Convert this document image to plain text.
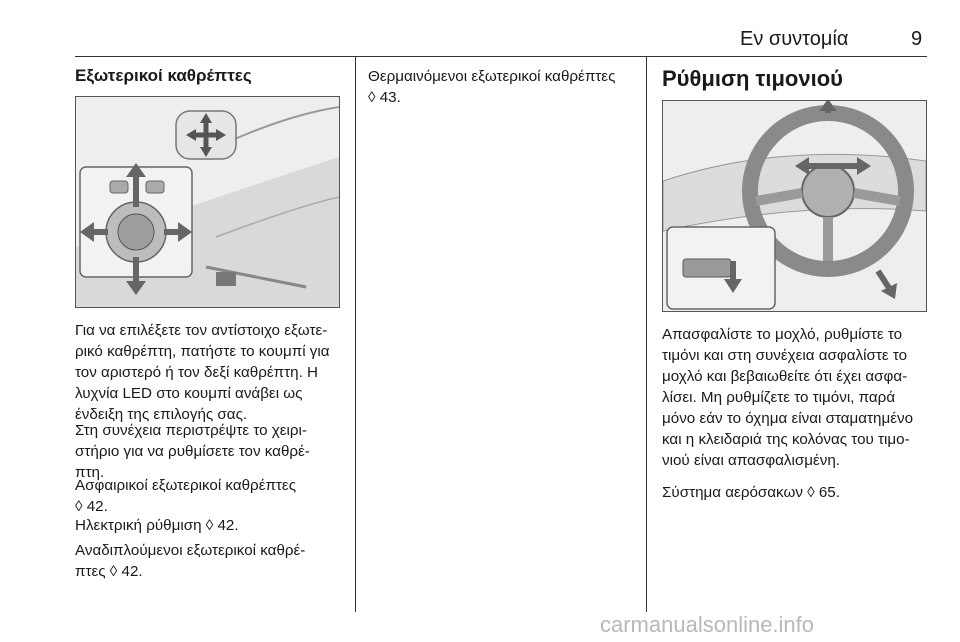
Εν συντομία	9
Εξωτερικοί καθρέπτες

Για να επιλέξετε τον αντίστοιχο εξωτε-
ρικό καθρέπτη, πατήστε το κουμπί για
τον αριστερό ή τον δεξί καθρέπτη. Η
λυχνία LED στο κουμπί ανάβει ως
ένδειξη της επιλογής σας.

Στη συνέχεια περιστρέψτε το χειρι-
στήριο για να ρυθμίσετε τον καθρέ-
πτη.

Ασφαιρικοί εξωτερικοί καθρέπτες
◊ 42.

Ηλεκτρική ρύθμιση ◊ 42.

Αναδιπλούμενοι εξωτερικοί καθρέ-
πτες ◊ 42.

Θερμαινόμενοι εξωτερικοί καθρέπτες
◊ 43.

Ρύθμιση τιμονιού

Απασφαλίστε το μοχλό, ρυθμίστε το
τιμόνι και στη συνέχεια ασφαλίστε το
μοχλό και βεβαιωθείτε ότι έχει ασφα-
λίσει. Μη ρυθμίζετε το τιμόνι, παρά
μόνο εάν το όχημα είναι σταματημένο
και η κλειδαριά της κολόνας του τιμο-
νιού είναι απασφαλισμένη.

Σύστημα αερόσακων ◊ 65.

carmanualsonline.info
